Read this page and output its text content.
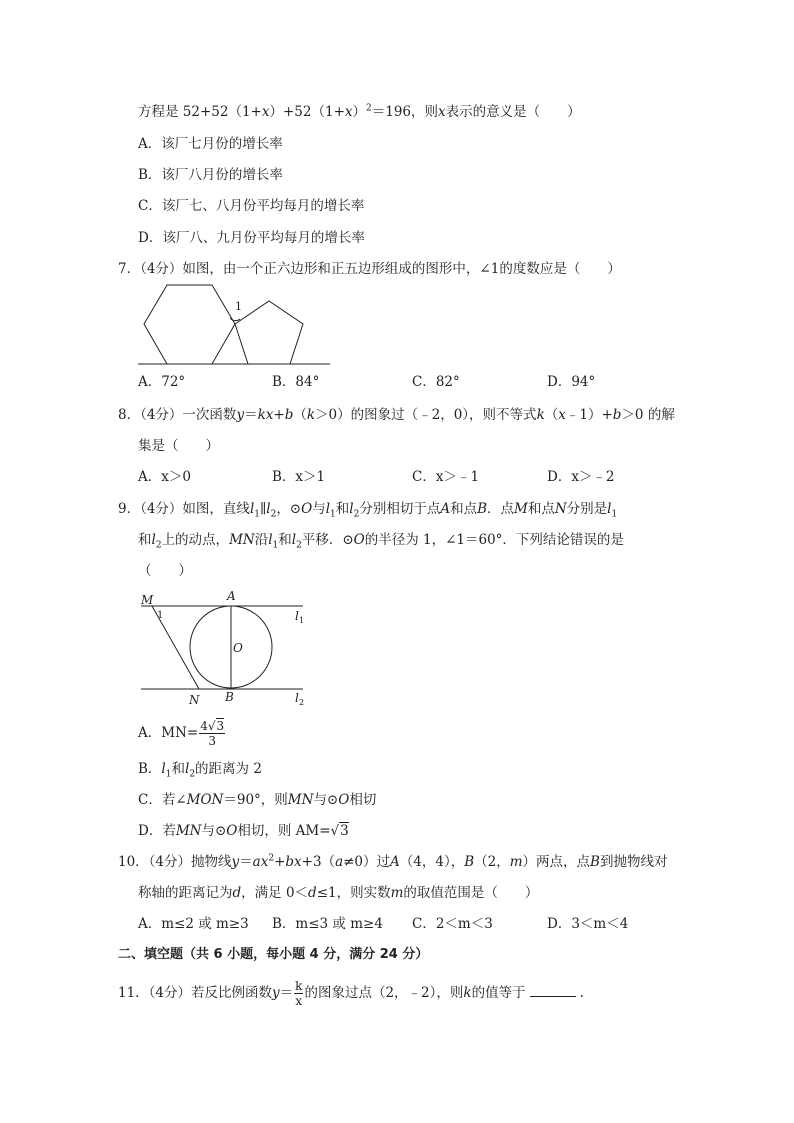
方程是 $52+52(1+x)+52(1+x)^2=196$，则x表示的意义是（　　）
A．该厂七月份的增长率
B．该厂八月份的增长率
C．该厂七、八月份平均每月的增长率
D．该厂八、九月份平均每月的增长率
7．（4分）如图，由一个正六边形和正五边形组成的图形中，∠1的度数应是（　　）
1
A．72°	B．84°	C．82°	D．94°
8．（4分）一次函数y＝kx+b（k＞0）的图象过（﹣2，0），则不等式k（x﹣1）+b＞0 的解
集是（　　）
A．x＞0	B．x＞1	C．x＞﹣1	D．x＞﹣2
9．（4分）如图，直线$l_1\parallel l_2$，⊙O与$l_1$和$l_2$分别相切于点A和点B．点M和点N分别是$l_1$
和$l_2$上的动点，MN沿$l_1$和$l_2$平移．⊙O的半径为 1，∠1＝60°．下列结论错误的是
（　　）
M
1
A
O
N B
l 1
l 2
A．$MN= \frac{4√3}{3}$
B．$l_1$和$l_2$的距离为 2
C．若∠MON＝90°，则MN与⊙O相切
D．若MN与⊙O相切，则 AM=√3
10．（4分）抛物线$y=ax^2+bx+3(a\ne 0)$过A（4，4），B（2，m）两点，点B到抛物线对
称轴的距离记为d，满足 0＜d≤1，则实数m的取值范围是（　　）
A．m≤2 或 m≥3 B．m≤3 或 m≥4 C．2＜m＜3	D．3＜m＜4
二、填空题（共 6 小题，每小题 4 分，满分 24 分）
11．（4分）若反比例函数$y= \frac{k}{x}$ 的图象过点（2，﹣2），则k的值等于	.
